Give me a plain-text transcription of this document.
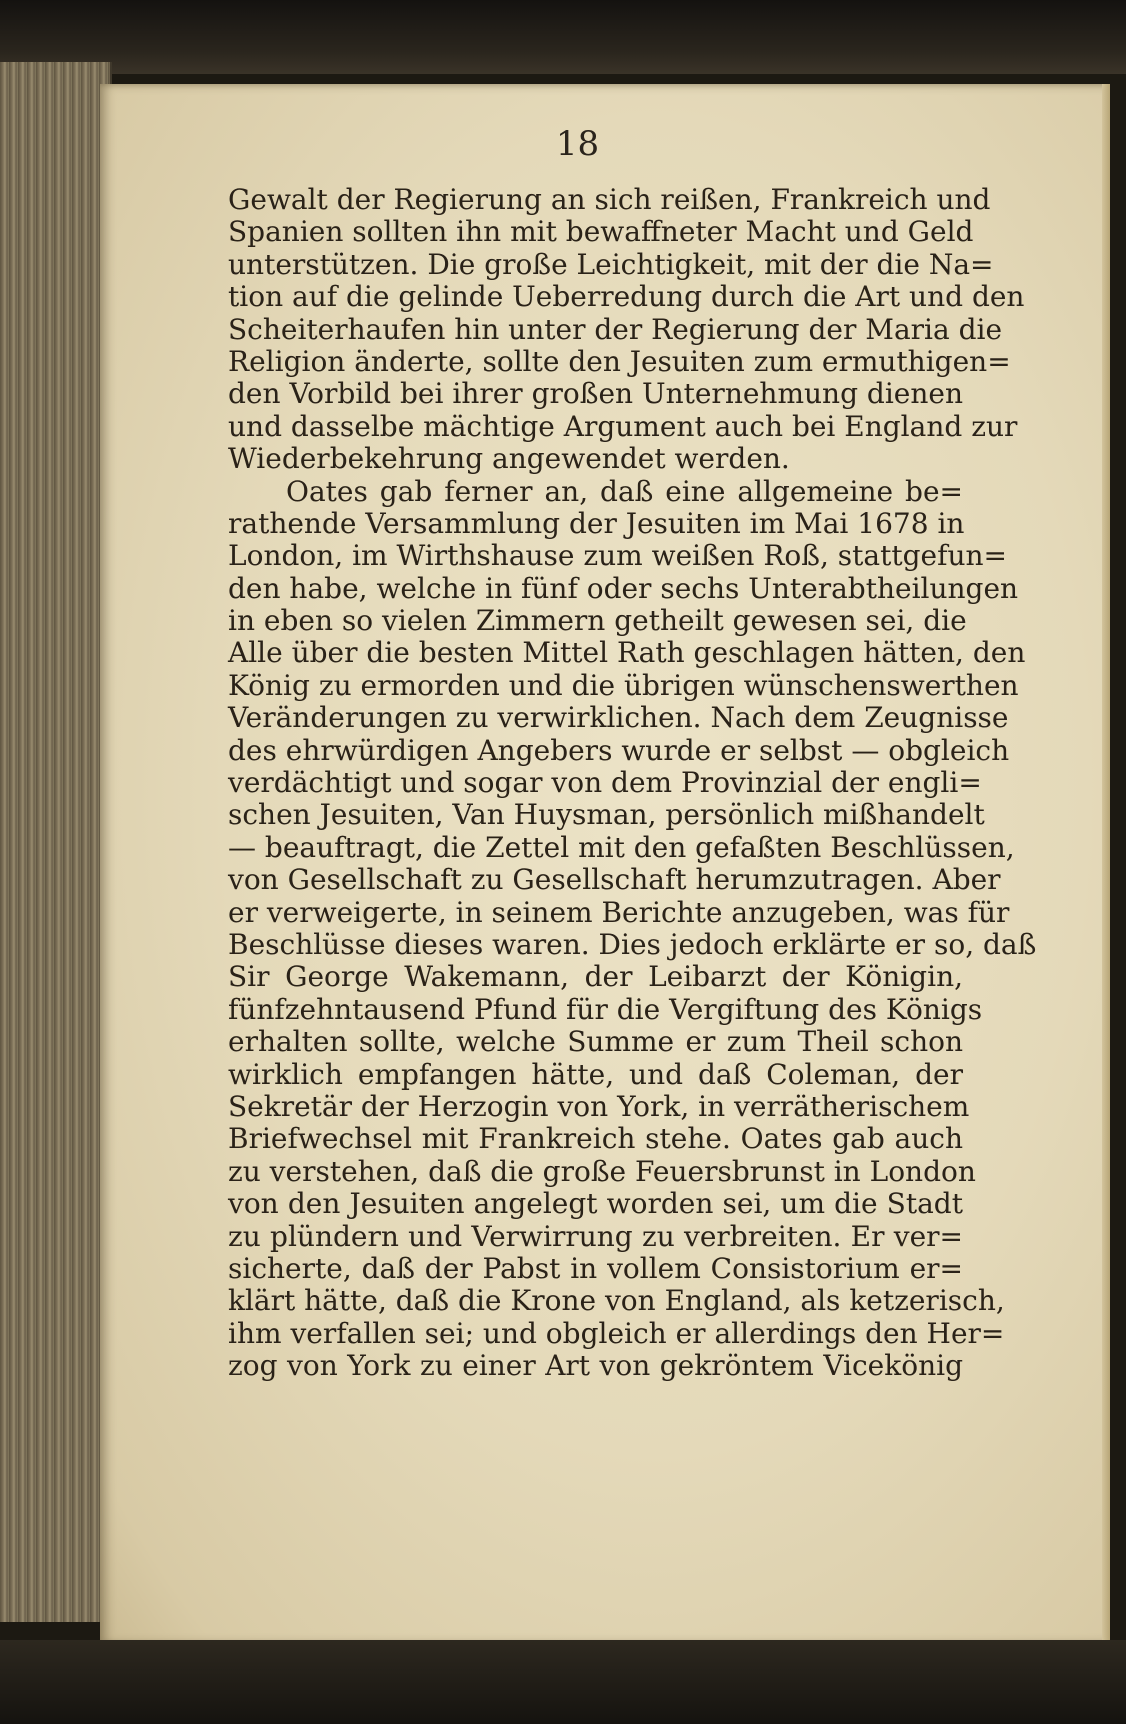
18
Gewalt der Regierung an sich reißen, Frankreich und
Spanien sollten ihn mit bewaffneter Macht und Geld
unterstützen. Die große Leichtigkeit, mit der die Na=
tion auf die gelinde Ueberredung durch die Art und den
Scheiterhaufen hin unter der Regierung der Maria die
Religion änderte, sollte den Jesuiten zum ermuthigen=
den Vorbild bei ihrer großen Unternehmung dienen
und dasselbe mächtige Argument auch bei England zur
Wiederbekehrung angewendet werden.
Oates gab ferner an, daß eine allgemeine be=
rathende Versammlung der Jesuiten im Mai 1678 in
London, im Wirthshause zum weißen Roß, stattgefun=
den habe, welche in fünf oder sechs Unterabtheilungen
in eben so vielen Zimmern getheilt gewesen sei, die
Alle über die besten Mittel Rath geschlagen hätten, den
König zu ermorden und die übrigen wünschenswerthen
Veränderungen zu verwirklichen. Nach dem Zeugnisse
des ehrwürdigen Angebers wurde er selbst — obgleich
verdächtigt und sogar von dem Provinzial der engli=
schen Jesuiten, Van Huysman, persönlich mißhandelt
— beauftragt, die Zettel mit den gefaßten Beschlüssen,
von Gesellschaft zu Gesellschaft herumzutragen. Aber
er verweigerte, in seinem Berichte anzugeben, was für
Beschlüsse dieses waren. Dies jedoch erklärte er so, daß
Sir George Wakemann, der Leibarzt der Königin,
fünfzehntausend Pfund für die Vergiftung des Königs
erhalten sollte, welche Summe er zum Theil schon
wirklich empfangen hätte, und daß Coleman, der
Sekretär der Herzogin von York, in verrätherischem
Briefwechsel mit Frankreich stehe. Oates gab auch
zu verstehen, daß die große Feuersbrunst in London
von den Jesuiten angelegt worden sei, um die Stadt
zu plündern und Verwirrung zu verbreiten. Er ver=
sicherte, daß der Pabst in vollem Consistorium er=
klärt hätte, daß die Krone von England, als ketzerisch,
ihm verfallen sei; und obgleich er allerdings den Her=
zog von York zu einer Art von gekröntem Vicekönig
